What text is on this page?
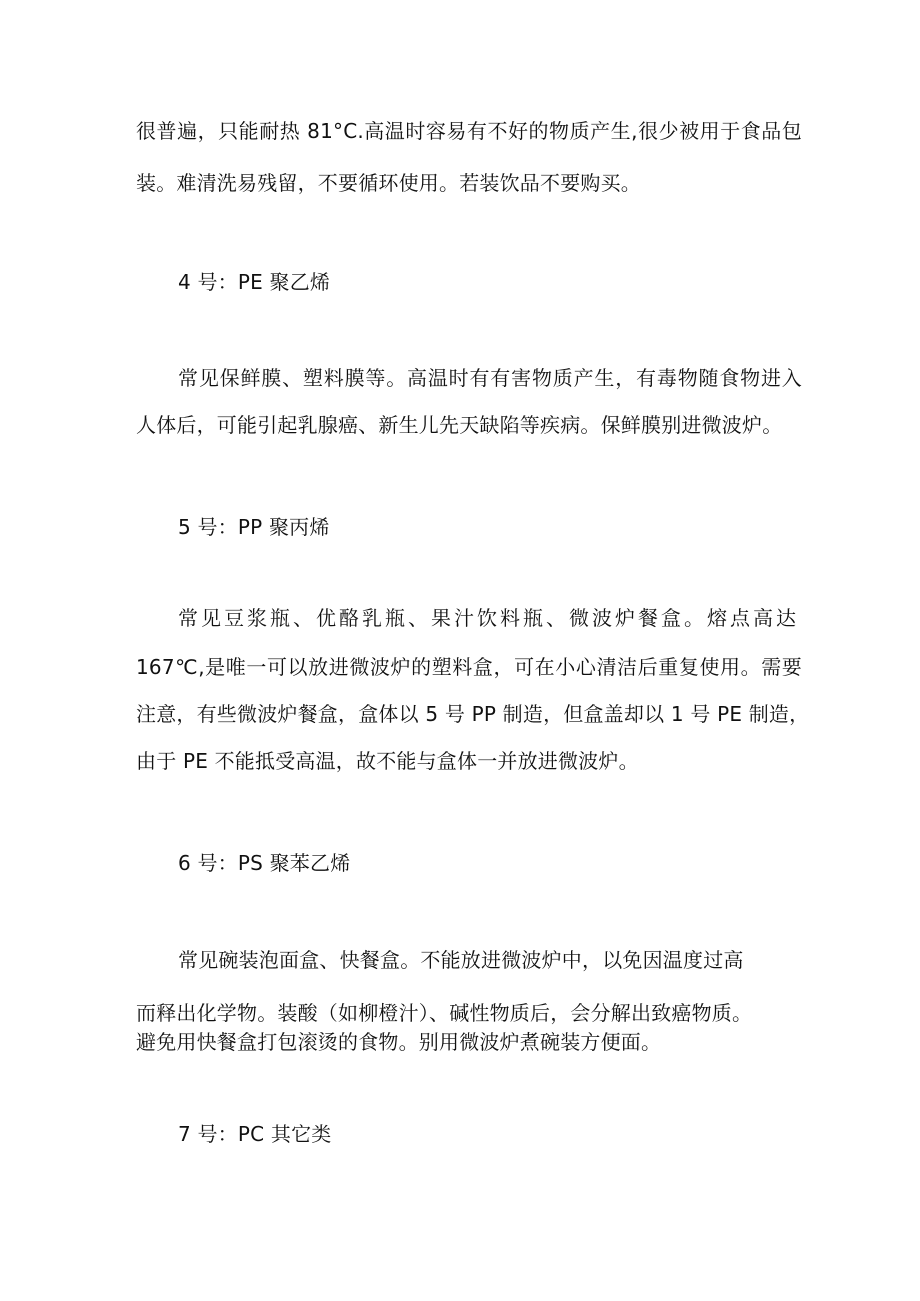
很普遍，只能耐热 81°C.高温时容易有不好的物质产生,很少被用于食品包
装。难清洗易残留，不要循环使用。若装饮品不要购买。
4 号：PE 聚乙烯
常见保鲜膜、塑料膜等。高温时有有害物质产生，有毒物随食物进入
人体后，可能引起乳腺癌、新生儿先天缺陷等疾病。保鲜膜别进微波炉。
5 号：PP 聚丙烯
常见豆浆瓶、优酪乳瓶、果汁饮料瓶、微波炉餐盒。熔点高达
167℃,是唯一可以放进微波炉的塑料盒，可在小心清洁后重复使用。需要
注意，有些微波炉餐盒，盒体以 5 号 PP 制造，但盒盖却以 1 号 PE 制造，
由于 PE 不能抵受高温，故不能与盒体一并放进微波炉。
6 号：PS 聚苯乙烯
常见碗装泡面盒、快餐盒。不能放进微波炉中，以免因温度过高
而释出化学物。装酸（如柳橙汁）、碱性物质后，会分解出致癌物质。
避免用快餐盒打包滚烫的食物。别用微波炉煮碗装方便面。
7 号：PC 其它类
